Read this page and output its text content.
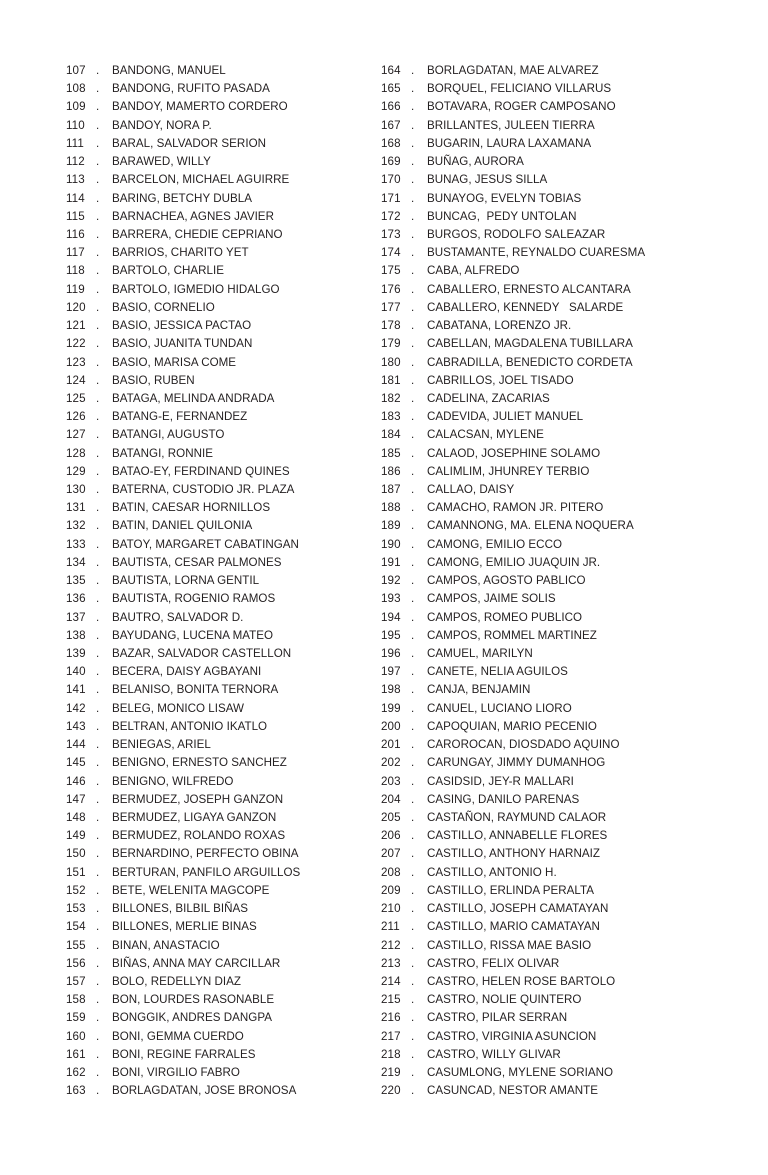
107 .	BANDONG, MANUEL
108 .	BANDONG, RUFITO PASADA
109 .	BANDOY, MAMERTO CORDERO
110 .	BANDOY, NORA P.
111	.	BARAL, SALVADOR SERION
112 .	BARAWED, WILLY
113 .	BARCELON, MICHAEL AGUIRRE
114 .	BARING, BETCHY DUBLA
115 .	BARNACHEA, AGNES JAVIER
116 .	BARRERA, CHEDIE CEPRIANO
117 .	BARRIOS, CHARITO YET
118 .	BARTOLO, CHARLIE
119 .	BARTOLO, IGMEDIO HIDALGO
120 .	BASIO, CORNELIO
121 .	BASIO, JESSICA PACTAO
122 .	BASIO, JUANITA TUNDAN
123 .	BASIO, MARISA COME
124 .	BASIO, RUBEN
125 .	BATAGA, MELINDA ANDRADA
126 .	BATANG-E, FERNANDEZ
127 .	BATANGI, AUGUSTO
128 .	BATANGI, RONNIE
129 .	BATAO-EY, FERDINAND QUINES
130 .	BATERNA, CUSTODIO JR. PLAZA
131 .	BATIN, CAESAR HORNILLOS
132 .	BATIN, DANIEL QUILONIA
133 .	BATOY, MARGARET CABATINGAN
134 .	BAUTISTA, CESAR PALMONES
135 .	BAUTISTA, LORNA GENTIL
136 .	BAUTISTA, ROGENIO RAMOS
137 .	BAUTRO, SALVADOR D.
138 .	BAYUDANG, LUCENA MATEO
139 .	BAZAR, SALVADOR CASTELLON
140 .	BECERA, DAISY AGBAYANI
141 .	BELANISO, BONITA TERNORA
142 .	BELEG, MONICO LISAW
143 .	BELTRAN, ANTONIO IKATLO
144 .	BENIEGAS, ARIEL
145 .	BENIGNO, ERNESTO SANCHEZ
146 .	BENIGNO, WILFREDO
147 .	BERMUDEZ, JOSEPH GANZON
148 .	BERMUDEZ, LIGAYA GANZON
149 .	BERMUDEZ, ROLANDO ROXAS
150 .	BERNARDINO, PERFECTO OBINA
151 .	BERTURAN, PANFILO ARGUILLOS
152 .	BETE, WELENITA MAGCOPE
153 .	BILLONES, BILBIL BIÑAS
154 .	BILLONES, MERLIE BINAS
155 .	BINAN, ANASTACIO
156 .	BIÑAS, ANNA MAY CARCILLAR
157 .	BOLO, REDELLYN DIAZ
158 .	BON, LOURDES RASONABLE
159 .	BONGGIK, ANDRES DANGPA
160 .	BONI, GEMMA CUERDO
161 .	BONI, REGINE FARRALES
162 .	BONI, VIRGILIO FABRO
163 .	BORLAGDATAN, JOSE BRONOSA
164 .	BORLAGDATAN, MAE ALVAREZ
165 .	BORQUEL, FELICIANO VILLARUS
166 .	BOTAVARA, ROGER CAMPOSANO
167 .	BRILLANTES, JULEEN TIERRA
168 .	BUGARIN, LAURA LAXAMANA
169 .	BUÑAG, AURORA
170 .	BUNAG, JESUS SILLA
171 .	BUNAYOG, EVELYN TOBIAS
172 .	BUNCAG,  PEDY UNTOLAN
173 .	BURGOS, RODOLFO SALEAZAR
174 .	BUSTAMANTE, REYNALDO CUARESMA
175 .	CABA, ALFREDO
176 .	CABALLERO, ERNESTO ALCANTARA
177 .	CABALLERO, KENNEDY   SALARDE
178 .	CABATANA, LORENZO JR.
179 .	CABELLAN, MAGDALENA TUBILLARA
180 .	CABRADILLA, BENEDICTO CORDETA
181 .	CABRILLOS, JOEL TISADO
182 .	CADELINA, ZACARIAS
183 .	CADEVIDA, JULIET MANUEL
184 .	CALACSAN, MYLENE
185 .	CALAOD, JOSEPHINE SOLAMO
186 .	CALIMLIM, JHUNREY TERBIO
187 .	CALLAO, DAISY
188 .	CAMACHO, RAMON JR. PITERO
189 .	CAMANNONG, MA. ELENA NOQUERA
190 .	CAMONG, EMILIO ECCO
191 .	CAMONG, EMILIO JUAQUIN JR.
192 .	CAMPOS, AGOSTO PABLICO
193 .	CAMPOS, JAIME SOLIS
194 .	CAMPOS, ROMEO PUBLICO
195 .	CAMPOS, ROMMEL MARTINEZ
196 .	CAMUEL, MARILYN
197 .	CANETE, NELIA AGUILOS
198 .	CANJA, BENJAMIN
199 .	CANUEL, LUCIANO LIORO
200 .	CAPOQUIAN, MARIO PECENIO
201 .	CAROROCAN, DIOSDADO AQUINO
202 .	CARUNGAY, JIMMY DUMANHOG
203 .	CASIDSID, JEY-R MALLARI
204 .	CASING, DANILO PARENAS
205 .	CASTAÑON, RAYMUND CALAOR
206 .	CASTILLO, ANNABELLE FLORES
207 .	CASTILLO, ANTHONY HARNAIZ
208 .	CASTILLO, ANTONIO H.
209 .	CASTILLO, ERLINDA PERALTA
210 .	CASTILLO, JOSEPH CAMATAYAN
211 .	CASTILLO, MARIO CAMATAYAN
212 .	CASTILLO, RISSA MAE BASIO
213 .	CASTRO, FELIX OLIVAR
214 .	CASTRO, HELEN ROSE BARTOLO
215 .	CASTRO, NOLIE QUINTERO
216 .	CASTRO, PILAR SERRAN
217 .	CASTRO, VIRGINIA ASUNCION
218 .	CASTRO, WILLY GLIVAR
219 .	CASUMLONG, MYLENE SORIANO
220 .	CASUNCAD, NESTOR AMANTE
